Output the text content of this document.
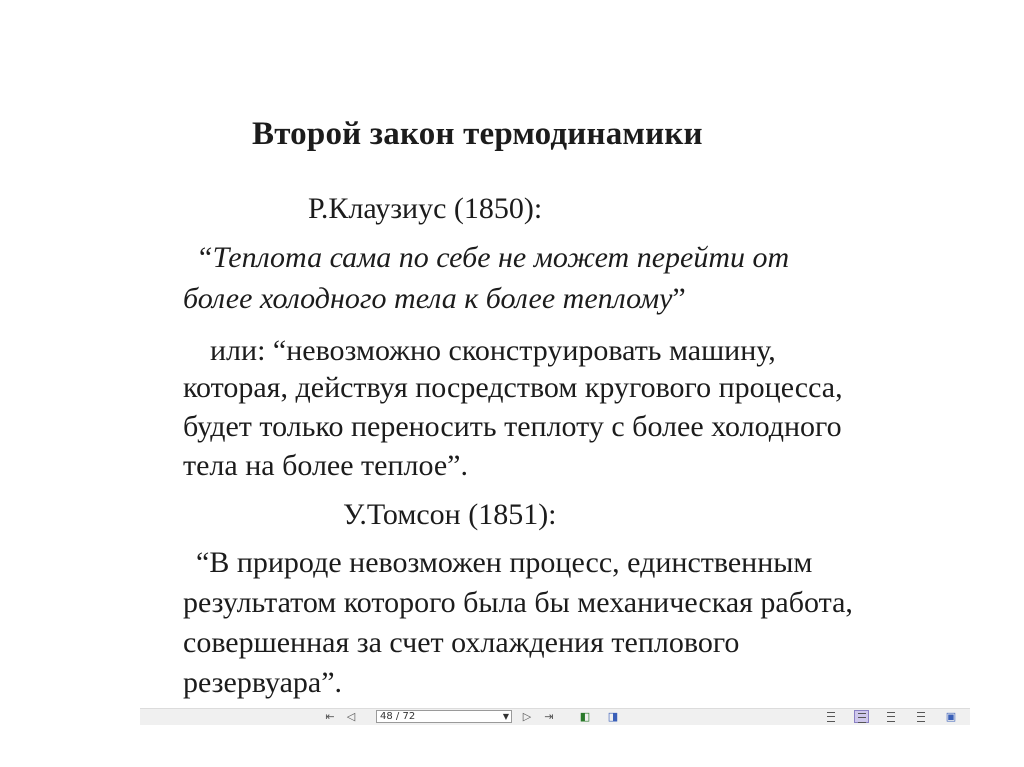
Второй закон термодинамики
Р.Клаузиус (1850):
“Теплота сама по себе не может перейти от
более холодного тела к более теплому”
или: “невозможно сконструировать машину,
которая, действуя посредством кругового процесса,
будет только переносить теплоту с более холодного
тела на более теплое”.
У.Томсон (1851):
“В природе невозможен процесс, единственным
результатом которого была бы механическая работа,
совершенная за счет охлаждения теплового
резервуара”.
⇤ ◁	48 / 72	▼ ▷ ⇥ ◧ ◨	▣
